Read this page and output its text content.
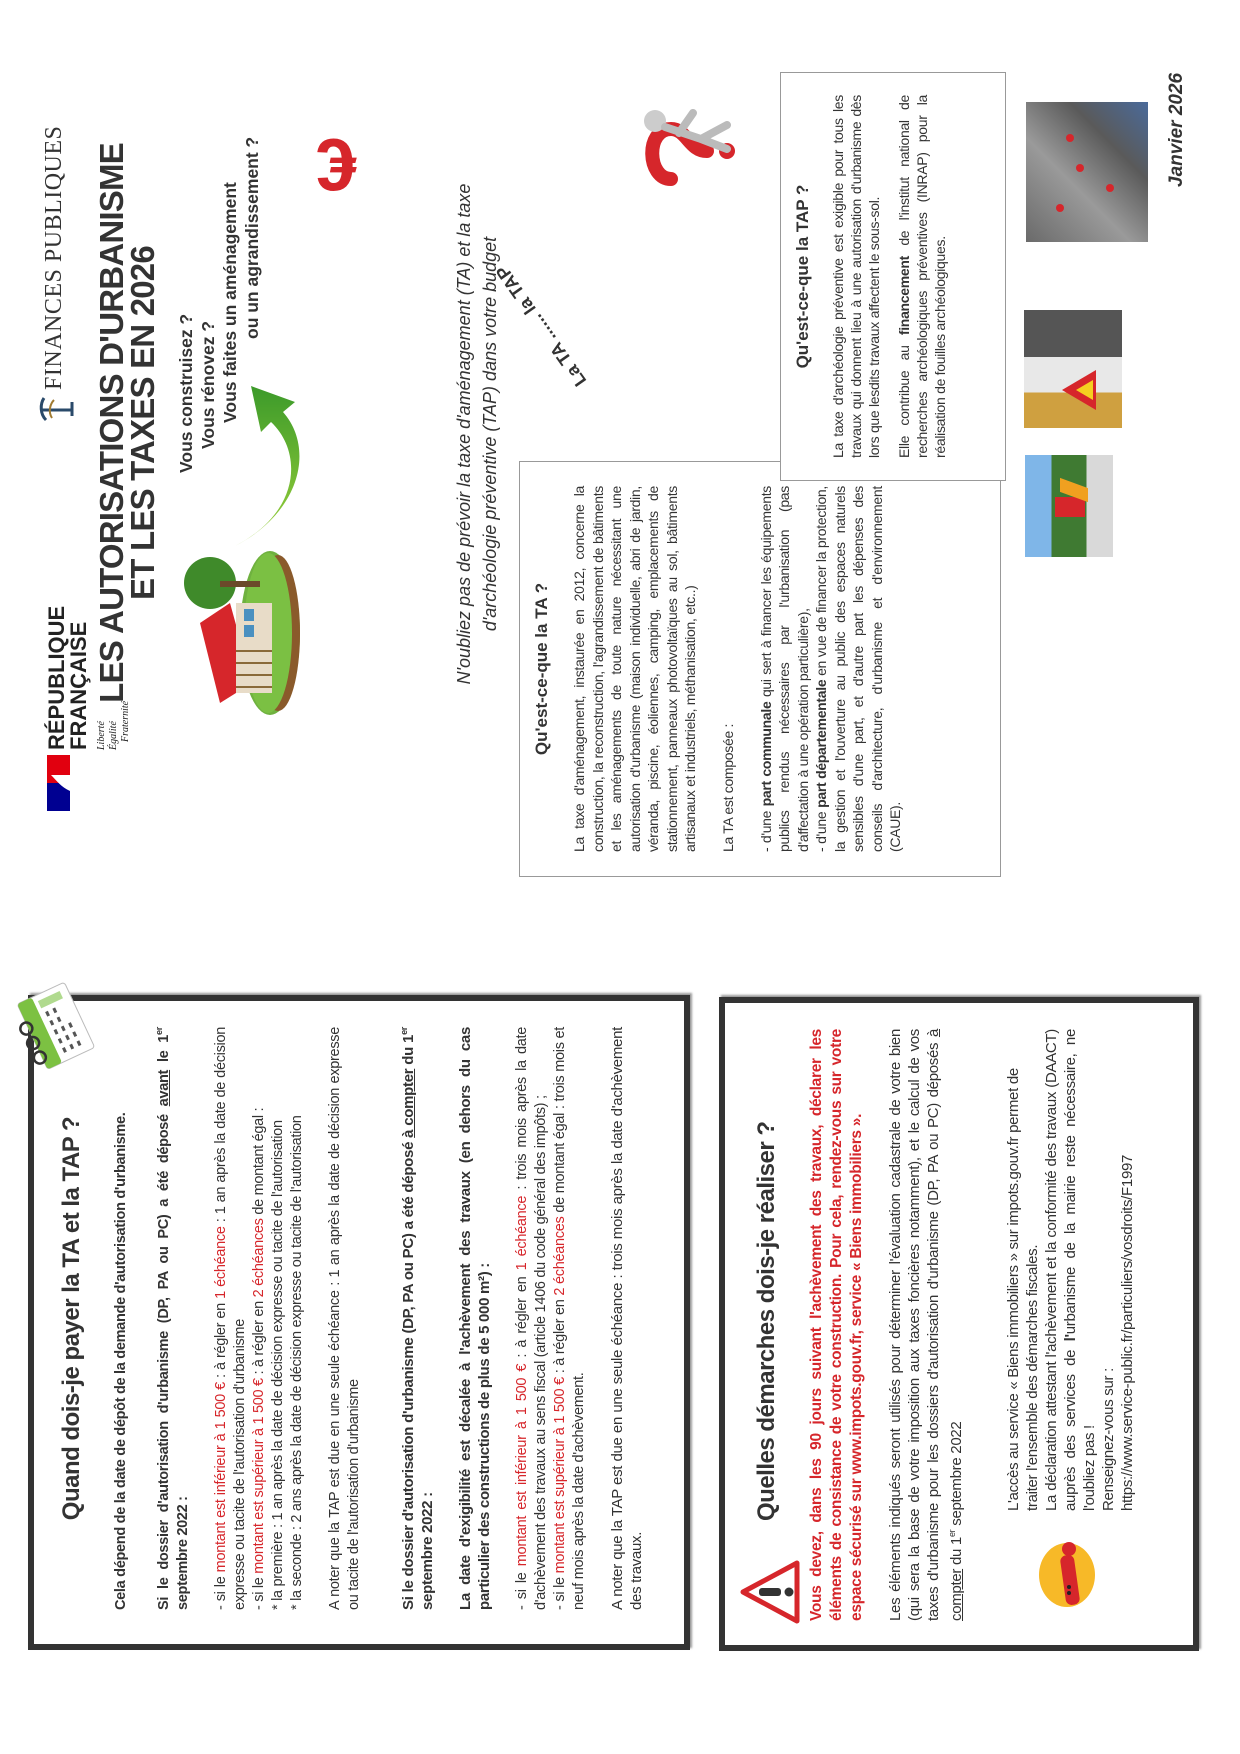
Quand dois-je payer la TA et la TAP ? Cela dépend de la date de dépôt de la demande d'autorisation d'urbanisme.	Si le dossier d'autorisation d'urbanisme (DP, PA ou PC) a été déposé avant le 1er septembre 2022 : - si le montant est inférieur à 1 500 € : à régler en 1 échéance : 1 an après la date de décision expresse ou tacite de l'autorisation d'urbanisme - si le montant est supérieur à 1 500 € : à régler en 2 échéances de montant égal : * la première : 1 an après la date de décision expresse ou tacite de l'autorisation * la seconde : 2 ans après la date de décision expresse ou tacite de l'autorisation A noter que la TAP est due en une seule échéance : 1 an après la date de décision expresse ou tacite de l'autorisation d'urbanisme	Si le dossier d'autorisation d'urbanisme (DP, PA ou PC) a été déposé à compter du 1er septembre 2022 : La date d'exigibilité est décalée à l'achèvement des travaux (en dehors du cas particulier des constructions de plus de 5 000 m²) : - si le montant est inférieur à 1 500 € : à régler en 1 échéance : trois mois après la date d'achèvement des travaux au sens fiscal (article 1406 du code général des impôts) ; - si le montant est supérieur à 1 500 € : à régler en 2 échéances de montant égal : trois mois et neuf mois après la date d'achèvement. A noter que la TAP est due en une seule échéance : trois mois après la date d'achèvement des travaux.

Quelles démarches dois-je réaliser ? Vous devez, dans les 90 jours suivant l'achèvement des travaux, déclarer les éléments de consistance de votre construction. Pour cela, rendez-vous sur votre espace sécurisé sur www.impots.gouv.fr, service « Biens immobiliers ». Les éléments indiqués seront utilisés pour déterminer l'évaluation cadastrale de votre bien (qui sera la base de votre imposition aux taxes foncières notamment), et le calcul de vos taxes d'urbanisme pour les dossiers d'autorisation d'urbanisme (DP, PA ou PC) déposés à compter du 1er septembre 2022	L'accès au service « Biens immobiliers » sur impots.gouv.fr permet de traiter l'ensemble des démarches fiscales. La déclaration attestant l'achèvement et la conformité des travaux (DAACT) auprès des services de l'urbanisme de la mairie reste nécessaire, ne l'oubliez pas ! Renseignez-vous sur : https://www.service-public.fr/particuliers/vosdroits/F1997
RÉPUBLIQUE
FRANÇAISE Liberté Égalité Fraternité
FINANCES PUBLIQUES LES AUTORISATIONS D'URBANISME
ET LES TAXES EN 2026 Vous construisez ? Vous rénovez ? Vous faites un aménagement ou un agrandissement ? €
N'oubliez pas de prévoir la taxe d'aménagement (TA) et la taxe d'archéologie préventive (TAP) dans votre budget
La TA ...... la TAP
Qu'est-ce-que la TA ? La taxe d'aménagement, instaurée en 2012, concerne la construction, la reconstruction, l'agrandissement de bâtiments et les aménagements de toute nature nécessitant une autorisation d'urbanisme (maison individuelle, abri de jardin, véranda, piscine, éoliennes, camping, emplacements de stationnement, panneaux photovoltaïques au sol, bâtiments artisanaux et industriels, méthanisation, etc..) La TA est composée : - d'une part communale qui sert à financer les équipements publics rendus nécessaires par l'urbanisation (pas d'affectation à une opération particulière), - d'une part départementale en vue de financer la protection, la gestion et l'ouverture au public des espaces naturels sensibles d'une part, et d'autre part les dépenses des conseils d'architecture, d'urbanisme et d'environnement (CAUE).

Qu'est-ce-que la TAP ? La taxe d'archéologie préventive est exigible pour tous les travaux qui donnent lieu à une autorisation d'urbanisme dès lors que lesdits travaux affectent le sous-sol. Elle contribue au financement de l'institut national de recherches archéologiques préventives (INRAP) pour la réalisation de fouilles archéologiques.

Janvier 2026
